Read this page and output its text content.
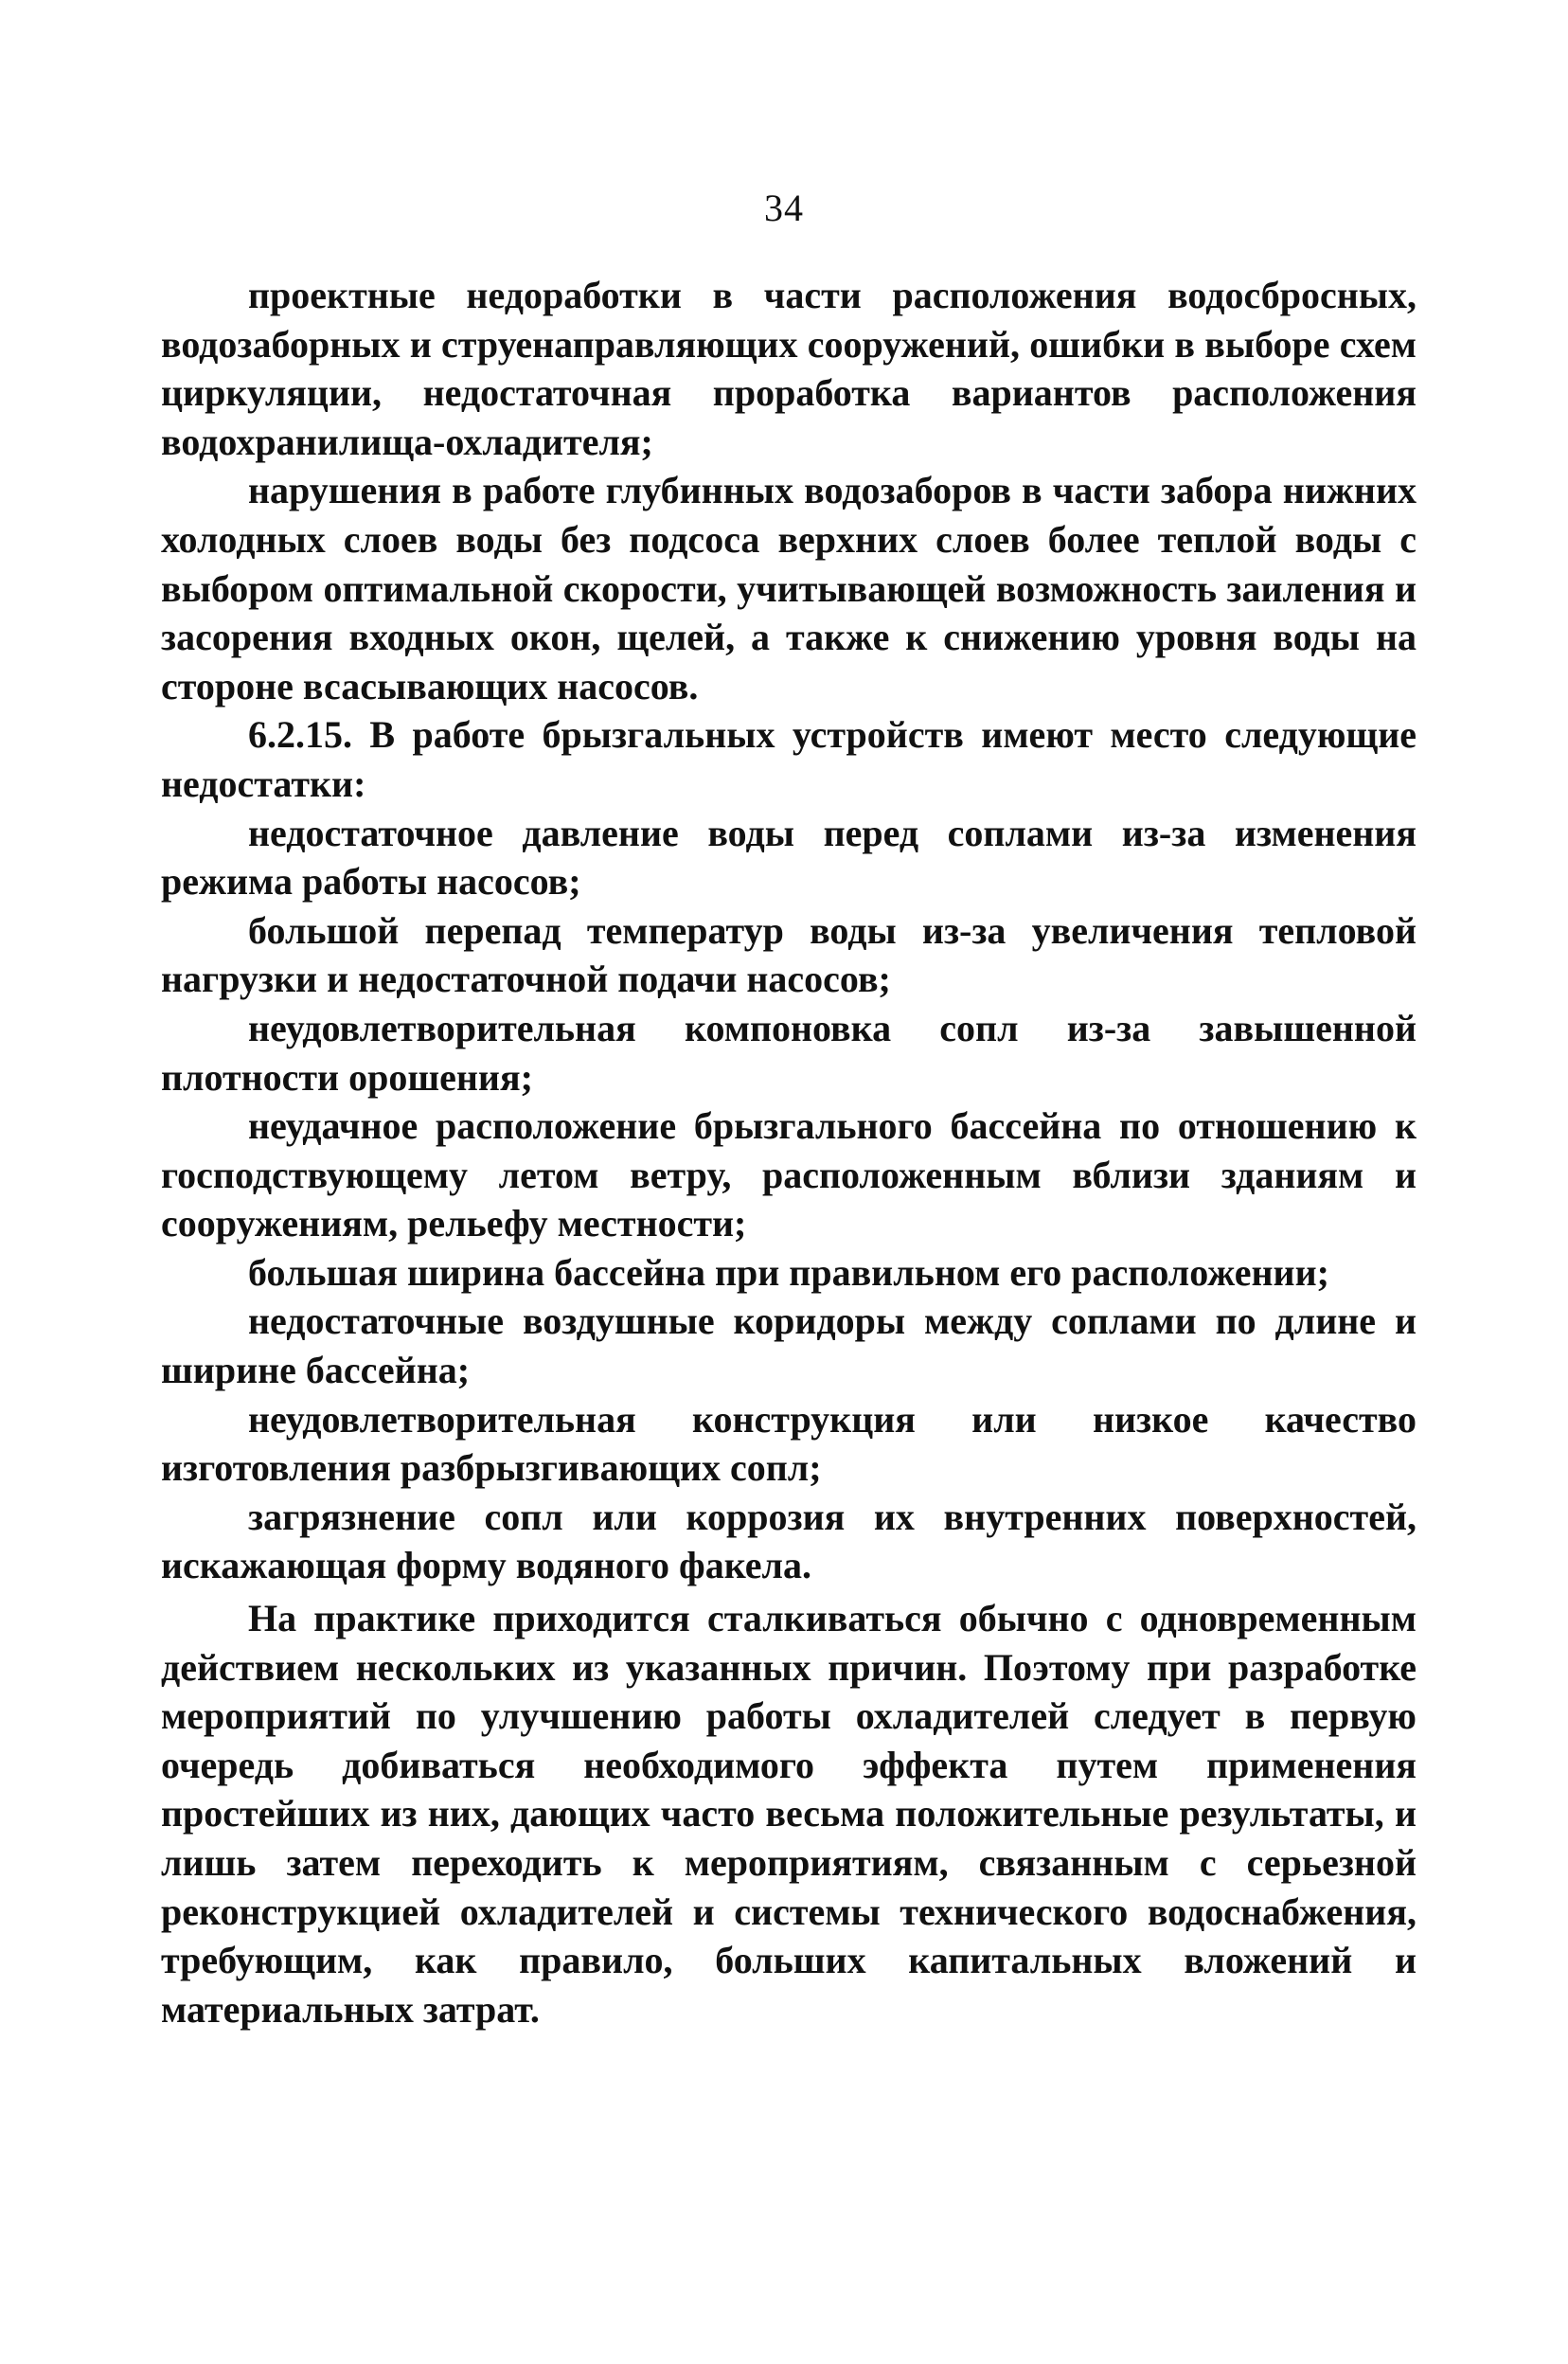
34

проектные недоработки в части расположения водосбросных, водозаборных и струенаправляющих сооружений, ошибки в выборе схем циркуляции, недостаточная проработка вариантов расположения водохранилища-охладителя;

нарушения в работе глубинных водозаборов в части забора нижних холодных слоев воды без подсоса верхних слоев более теплой воды с выбором оптимальной скорости, учитывающей возможность заиления и засорения входных окон, щелей, а также к снижению уровня воды на стороне всасывающих насосов.

6.2.15. В работе брызгальных устройств имеют место следующие недостатки:

недостаточное давление воды перед соплами из-за изменения режима работы насосов;

большой перепад температур воды из-за увеличения тепловой нагрузки и недостаточной подачи насосов;

неудовлетворительная компоновка сопл из-за завышенной плотности орошения;

неудачное расположение брызгального бассейна по отношению к господствующему летом ветру, расположенным вблизи зданиям и сооружениям, рельефу местности;

большая ширина бассейна при правильном его расположении;

недостаточные воздушные коридоры между соплами по длине и ширине бассейна;

неудовлетворительная конструкция или низкое качество изготовления разбрызгивающих сопл;

загрязнение сопл или коррозия их внутренних поверхностей, искажающая форму водяного факела.

На практике приходится сталкиваться обычно с одновременным действием нескольких из указанных причин. Поэтому при разработке мероприятий по улучшению работы охладителей следует в первую очередь добиваться необходимого эффекта путем применения простейших из них, дающих часто весьма положительные результаты, и лишь затем переходить к мероприятиям, связанным с серьезной реконструкцией охладителей и системы технического водоснабжения, требующим, как правило, больших капитальных вложений и материальных затрат.
